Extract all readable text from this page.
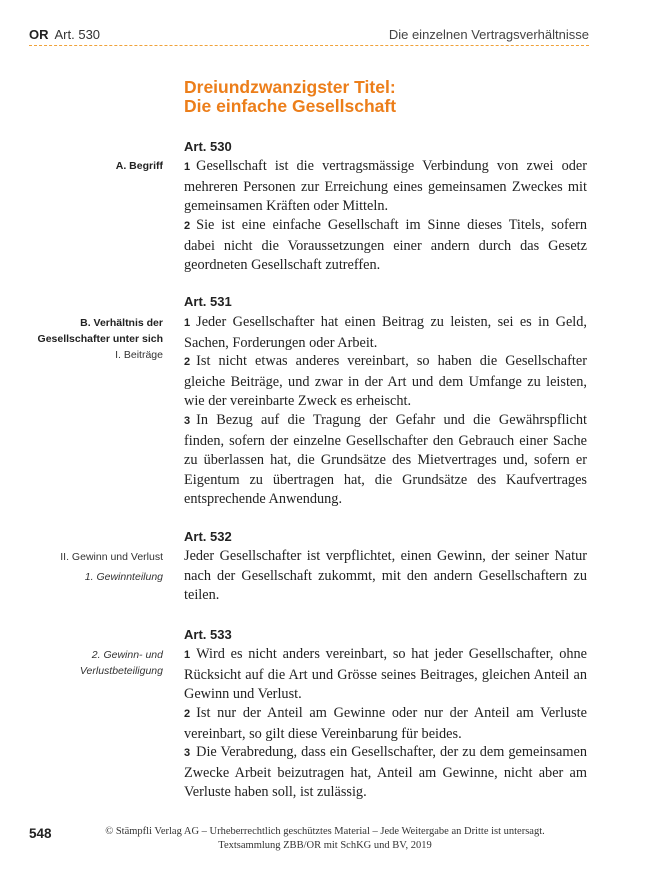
OR Art. 530	Die einzelnen Vertragsverhältnisse
Dreiundzwanzigster Titel:
Die einfache Gesellschaft
Art. 530
A. Begriff 1 Gesellschaft ist die vertragsmässige Verbindung von zwei oder mehreren Personen zur Erreichung eines gemeinsamen Zweckes mit gemeinsamen Kräften oder Mitteln.
2 Sie ist eine einfache Gesellschaft im Sinne dieses Titels, sofern dabei nicht die Voraussetzungen einer andern durch das Gesetz geordneten Gesellschaft zutreffen.
Art. 531
B. Verhältnis der
Gesellschafter unter sich
I. Beiträge
1 Jeder Gesellschafter hat einen Beitrag zu leisten, sei es in Geld, Sachen, Forderungen oder Arbeit.
2 Ist nicht etwas anderes vereinbart, so haben die Gesellschafter gleiche Beiträge, und zwar in der Art und dem Umfange zu leisten, wie der vereinbarte Zweck es erheischt.
3 In Bezug auf die Tragung der Gefahr und die Gewährspflicht finden, sofern der einzelne Gesellschafter den Gebrauch einer Sache zu überlassen hat, die Grundsätze des Mietvertrages und, sofern er Eigentum zu übertragen hat, die Grundsätze des Kaufvertrages entsprechende Anwendung.
Art. 532
II. Gewinn und Verlust
1. Gewinnteilung
Jeder Gesellschafter ist verpflichtet, einen Gewinn, der seiner Natur nach der Gesellschaft zukommt, mit den andern Gesellschaftern zu teilen.
Art. 533
2. Gewinn- und
Verlustbeteiligung
1 Wird es nicht anders vereinbart, so hat jeder Gesellschafter, ohne Rücksicht auf die Art und Grösse seines Beitrages, gleichen Anteil an Gewinn und Verlust.
2 Ist nur der Anteil am Gewinne oder nur der Anteil am Verluste vereinbart, so gilt diese Vereinbarung für beides.
3 Die Verabredung, dass ein Gesellschafter, der zu dem gemeinsamen Zwecke Arbeit beizutragen hat, Anteil am Gewinne, nicht aber am Verluste haben soll, ist zulässig.
548	© Stämpfli Verlag AG – Urheberrechtlich geschütztes Material – Jede Weitergabe an Dritte ist untersagt.
Textsammlung ZBB/OR mit SchKG und BV, 2019
